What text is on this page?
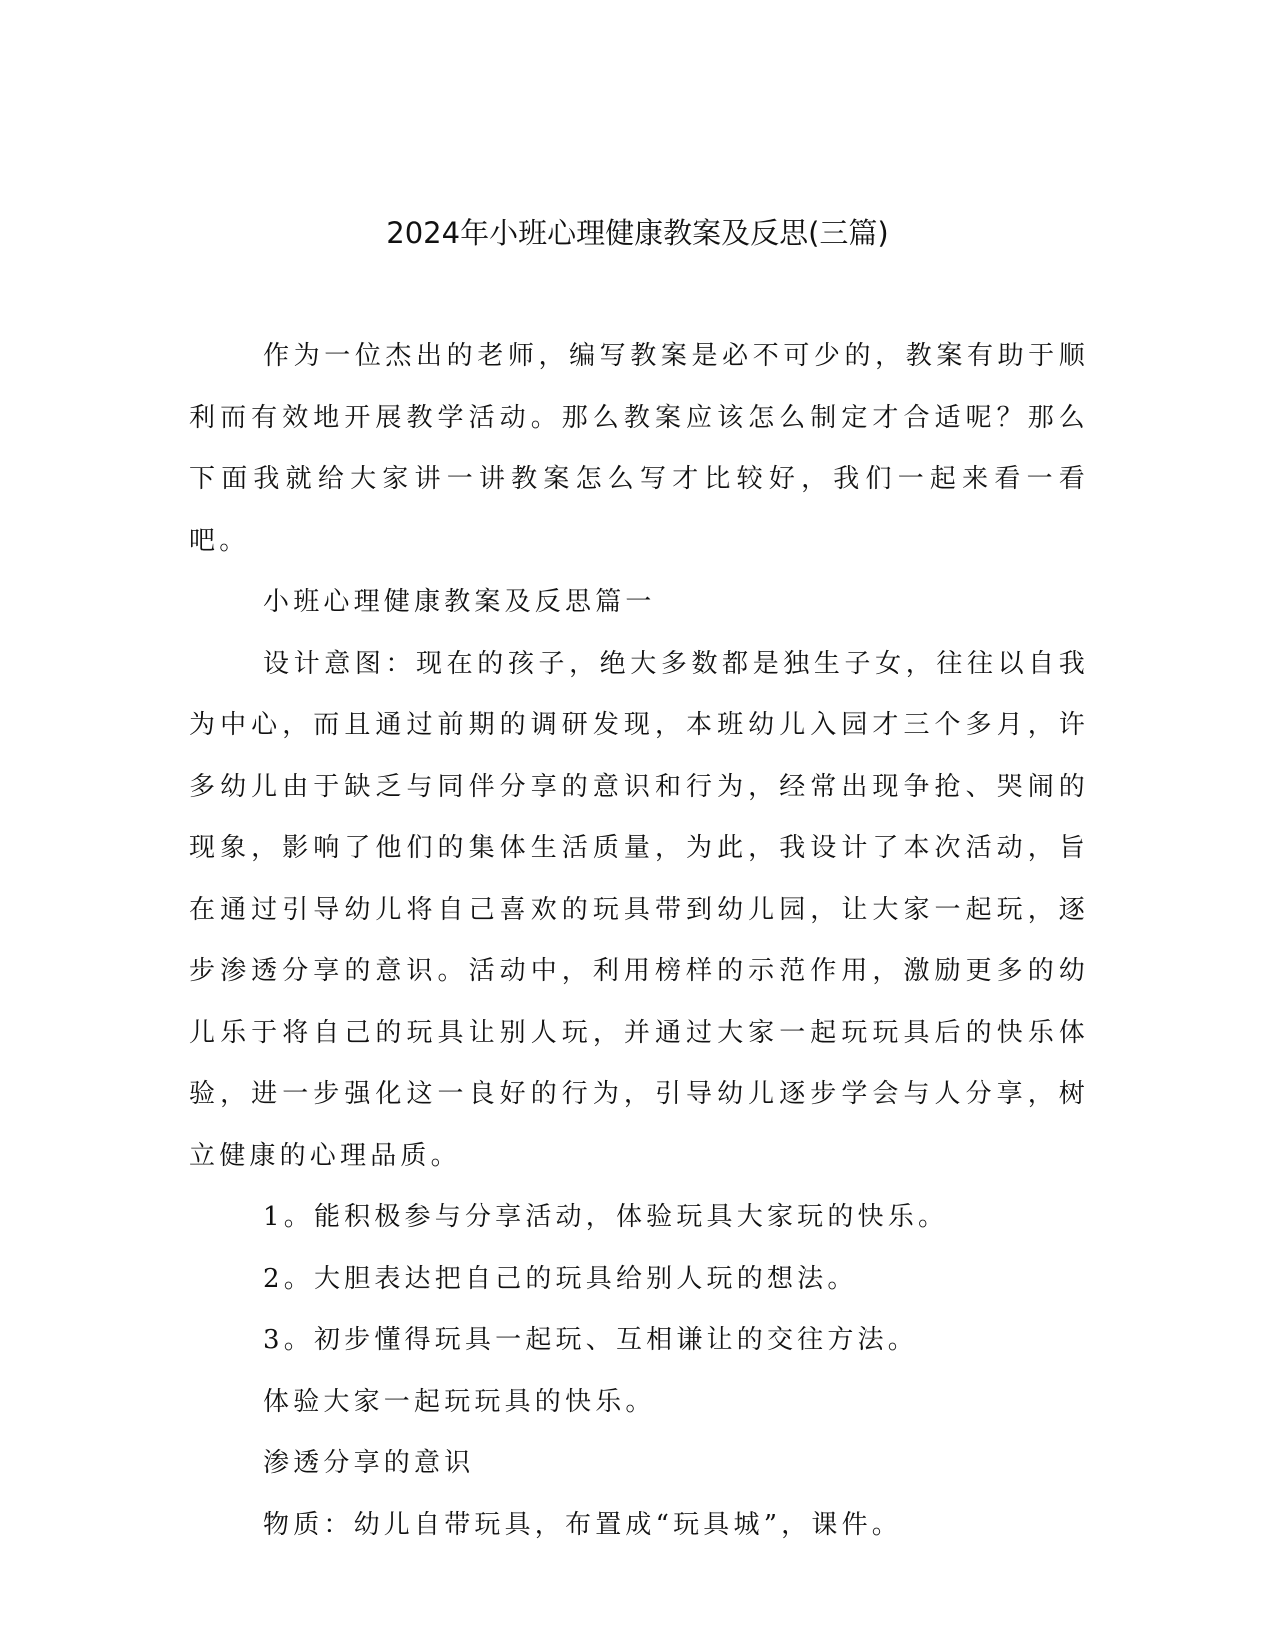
2024年小班心理健康教案及反思(三篇)

作为一位杰出的老师，编写教案是必不可少的，教案有助于顺利而有效地开展教学活动。那么教案应该怎么制定才合适呢？那么下面我就给大家讲一讲教案怎么写才比较好，我们一起来看一看吧。

小班心理健康教案及反思篇一

设计意图：现在的孩子，绝大多数都是独生子女，往往以自我为中心，而且通过前期的调研发现，本班幼儿入园才三个多月，许多幼儿由于缺乏与同伴分享的意识和行为，经常出现争抢、哭闹的现象，影响了他们的集体生活质量，为此，我设计了本次活动，旨在通过引导幼儿将自己喜欢的玩具带到幼儿园，让大家一起玩，逐步渗透分享的意识。活动中，利用榜样的示范作用，激励更多的幼儿乐于将自己的玩具让别人玩，并通过大家一起玩玩具后的快乐体验，进一步强化这一良好的行为，引导幼儿逐步学会与人分享，树立健康的心理品质。

1。能积极参与分享活动，体验玩具大家玩的快乐。

2。大胆表达把自己的玩具给别人玩的想法。

3。初步懂得玩具一起玩、互相谦让的交往方法。

体验大家一起玩玩具的快乐。

渗透分享的意识

物质：幼儿自带玩具，布置成“玩具城”，课件。
